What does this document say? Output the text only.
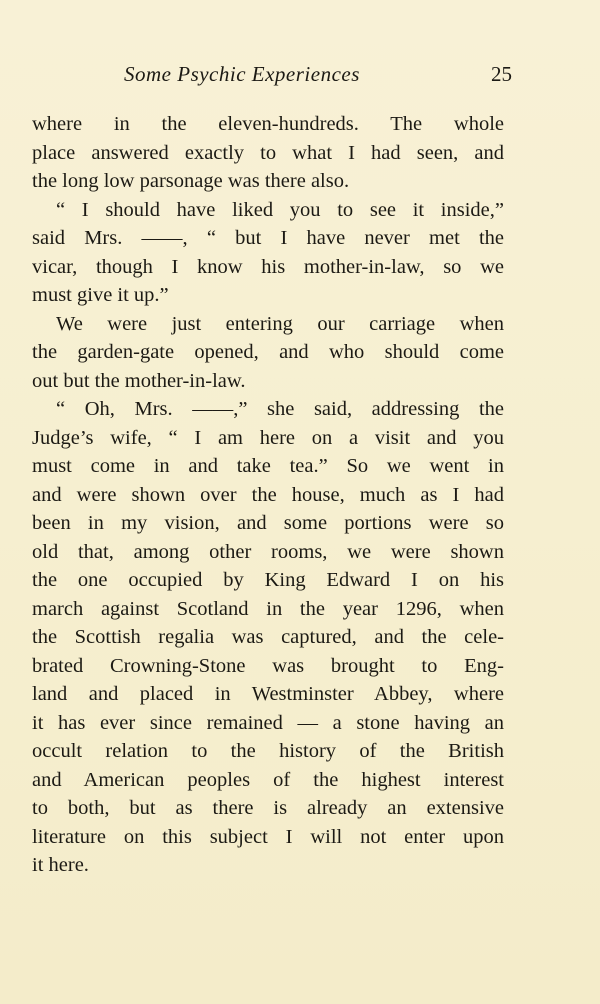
Some Psychic Experiences	25
where in the eleven-hundreds. The whole
place answered exactly to what I had seen, and
the long low parsonage was there also.
“ I should have liked you to see it inside,”
said Mrs. ——, “ but I have never met the
vicar, though I know his mother-in-law, so we
must give it up.”
We were just entering our carriage when
the garden-gate opened, and who should come
out but the mother-in-law.
“ Oh, Mrs. ——,” she said, addressing the
Judge’s wife, “ I am here on a visit and you
must come in and take tea.” So we went in
and were shown over the house, much as I had
been in my vision, and some portions were so
old that, among other rooms, we were shown
the one occupied by King Edward I on his
march against Scotland in the year 1296, when
the Scottish regalia was captured, and the cele-
brated Crowning-Stone was brought to Eng-
land and placed in Westminster Abbey, where
it has ever since remained — a stone having an
occult relation to the history of the British
and American peoples of the highest interest
to both, but as there is already an extensive
literature on this subject I will not enter upon
it here.
